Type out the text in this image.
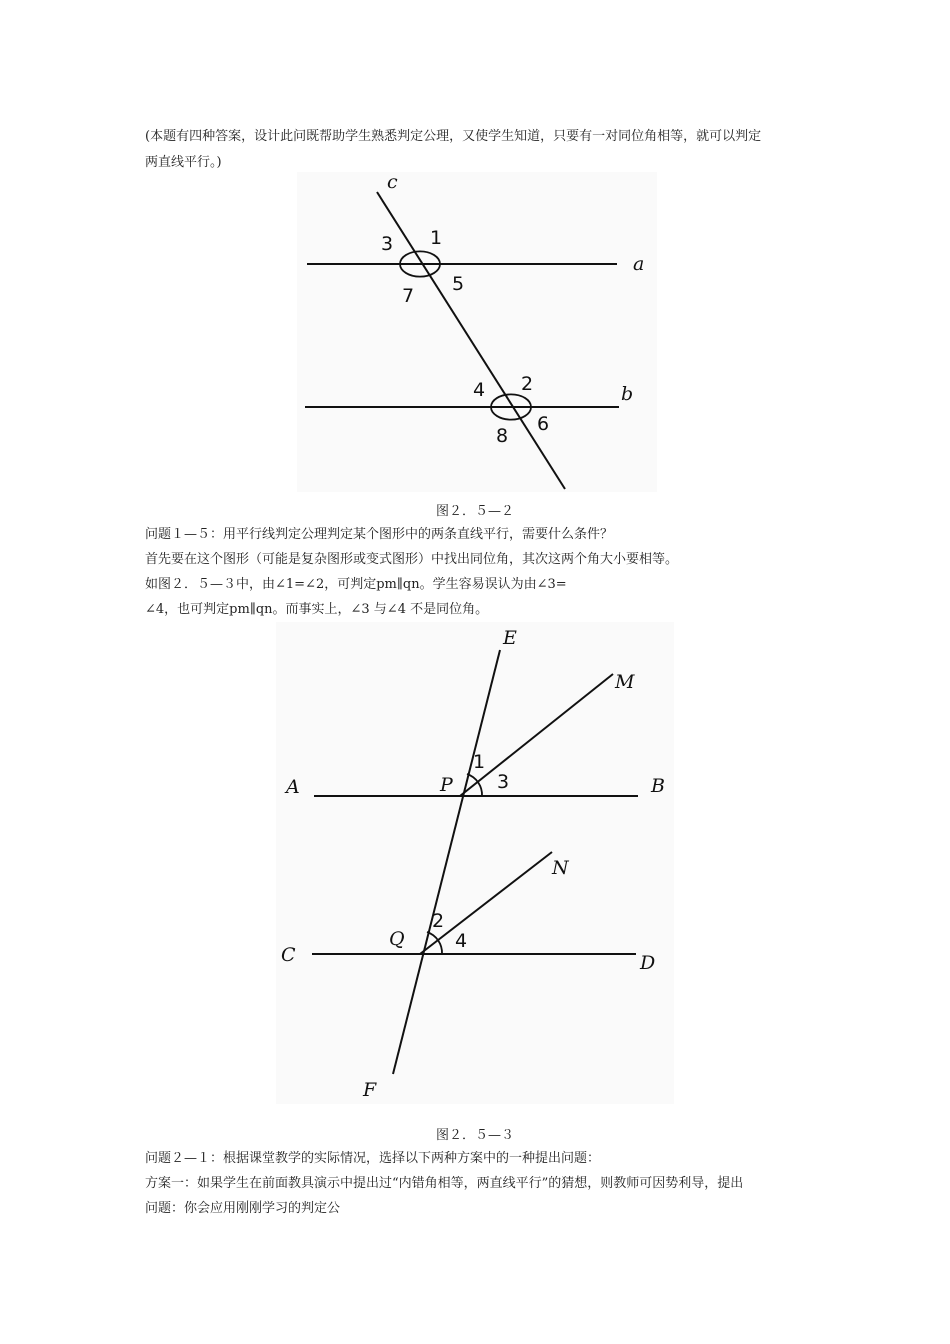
(本题有四种答案，设计此问既帮助学生熟悉判定公理，又使学生知道，只要有一对同位角相等，就可以判定
两直线平行。)
c
a
b
1
3
5
7
2
4
6
8
图２．５—２
问题１—５：用平行线判定公理判定某个图形中的两条直线平行，需要什么条件？
首先要在这个图形（可能是复杂图形或变式图形）中找出同位角，其次这两个角大小要相等。
如图２．５—３中，由∠1=∠2，可判定pm∥qn。学生容易误认为由∠3=
∠4，也可判定pm∥qn。而事实上，∠3 与∠4 不是同位角。
E
M
A	P	B
N
C
Q
D
F
1
3
2
4
图２．５—３
问题２—１：根据课堂教学的实际情况，选择以下两种方案中的一种提出问题：
方案一：如果学生在前面教具演示中提出过“内错角相等，两直线平行”的猜想，则教师可因势利导，提出
问题：你会应用刚刚学习的判定公
